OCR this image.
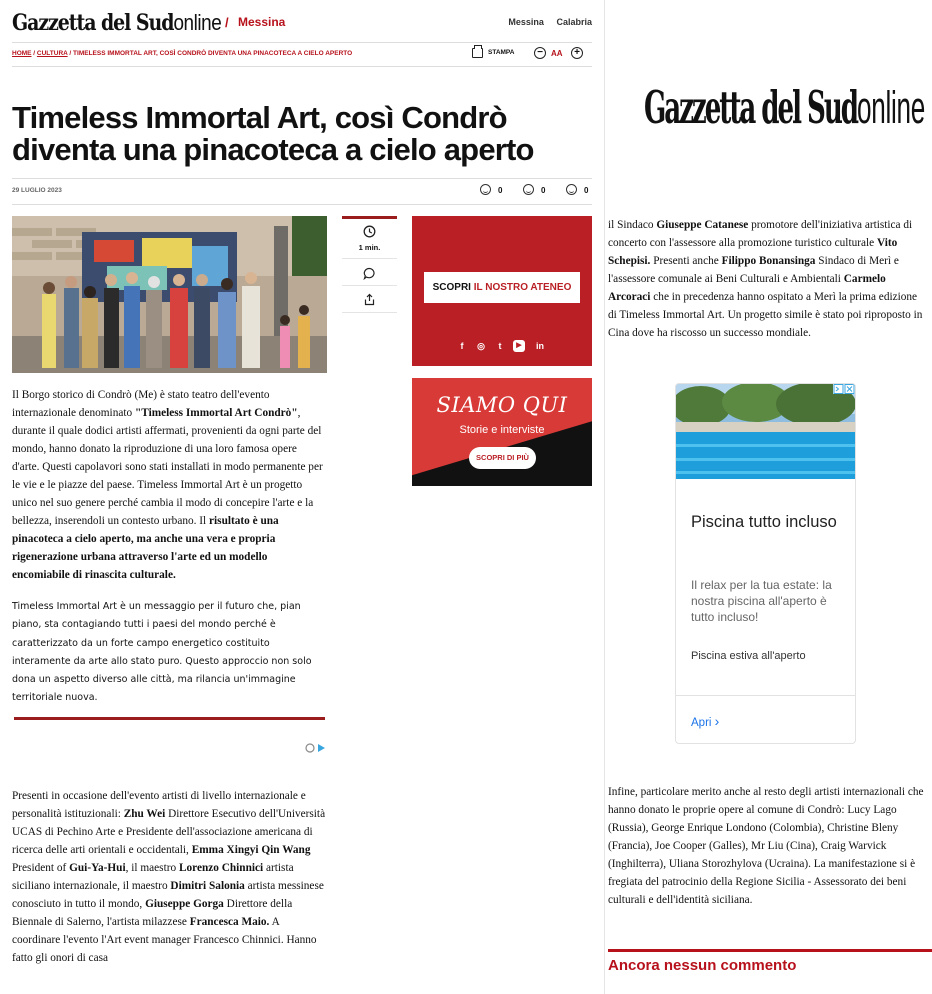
Gazzetta del Sudonline / Messina	Messina Calabria
HOME / CULTURA / TIMELESS IMMORTAL ART, COSÌ CONDRÒ DIVENTA UNA PINACOTECA A CIELO APERTO	STAMPA	−	AA	+
Timeless Immortal Art, così Condrò diventa una pinacoteca a cielo aperto
29 LUGLIO 2023	0	0	0

Il Borgo storico di Condrò (Me) è stato teatro dell'evento internazionale denominato "Timeless Immortal Art Condrò", durante il quale dodici artisti affermati, provenienti da ogni parte del mondo, hanno donato la riproduzione di una loro famosa opere d'arte. Questi capolavori sono stati installati in modo permanente per le vie e le piazze del paese. Timeless Immortal Art è un progetto unico nel suo genere perché cambia il modo di concepire l'arte e la bellezza, inserendoli un contesto urbano. Il risultato è una pinacoteca a cielo aperto, ma anche una vera e propria rigenerazione urbana attraverso l'arte ed un modello encomiabile di rinascita culturale.

Timeless Immortal Art è un messaggio per il futuro che, pian piano, sta contagiando tutti i paesi del mondo perché è caratterizzato da un forte campo energetico costituito interamente da arte allo stato puro. Questo approccio non solo dona un aspetto diverso alle città, ma rilancia un'immagine territoriale nuova.

Presenti in occasione dell'evento artisti di livello internazionale e personalità istituzionali: Zhu Wei Direttore Esecutivo dell'Università UCAS di Pechino Arte e Presidente dell'associazione americana di ricerca delle arti orientali e occidentali, Emma Xingyi Qin Wang President of Gui-Ya-Hui, il maestro Lorenzo Chinnici artista siciliano internazionale, il maestro Dimitri Salonia artista messinese conosciuto in tutto il mondo, Giuseppe Gorga Direttore della Biennale di Salerno, l'artista milazzese Francesca Maio. A coordinare l'evento l'Art event manager Francesco Chinnici. Hanno fatto gli onori di casa

1 min.
SCOPRI IL NOSTRO ATENEO
f	◎	t	▶	in
SIAMO QUI
Storie e interviste
SCOPRI DI PIÙ
Gazzetta del Sudonline

il Sindaco Giuseppe Catanese promotore dell'iniziativa artistica di concerto con l'assessore alla promozione turistico culturale Vito Schepisi. Presenti anche Filippo Bonansinga Sindaco di Merì e l'assessore comunale ai Beni Culturali e Ambientali Carmelo Arcoraci che in precedenza hanno ospitato a Merì la prima edizione di Timeless Immortal Art. Un progetto simile è stato poi riproposto in Cina dove ha riscosso un successo mondiale.

Piscina tutto incluso
Il relax per la tua estate: la nostra piscina all'aperto è tutto incluso!
Piscina estiva all'aperto
Apri ›

Infine, particolare merito anche al resto degli artisti internazionali che hanno donato le proprie opere al comune di Condrò: Lucy Lago (Russia), George Enrique Londono (Colombia), Christine Bleny (Francia), Joe Cooper (Galles), Mr Liu (Cina), Craig Warvick (Inghilterra), Uliana Storozhylova (Ucraina). La manifestazione si è fregiata del patrocinio della Regione Sicilia - Assessorato dei beni culturali e dell'identità siciliana.

Ancora nessun commento
